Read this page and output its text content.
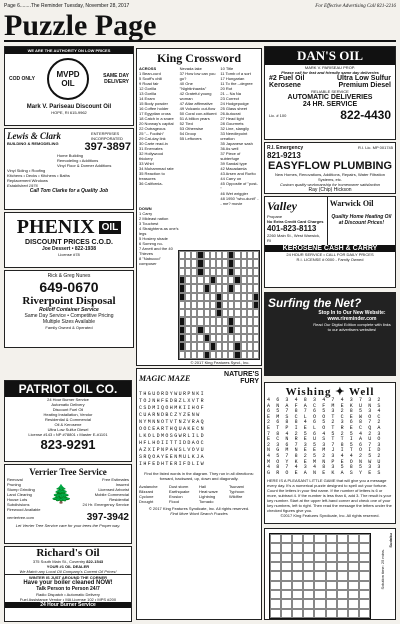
Page 6........The Reminder Tuesday, November 28, 2017	For Effective Advertising Call 821-2216
Puzzle Page
WE ARE THE AUTHORITY ON LOW PRICES
COD ONLY	MVPD OIL
SAME DAY DELIVERY
Mark V. Pariseau Discount Oil
HOPE, RI 615-9962
Lewis & Clark	ENTERPRISES INCORPORATED
BUILDING & REMODELING 397-3897
Home Building
Remodeling • Additions
Vinyl Floor & Dormer Additions
Vinyl Siding • Roofing
Kitchens • Decks • Kitchens • Baths
Replacement Windows
Established 1976
Call Tom Clarke for a Quality Job
PHENIX OIL
DISCOUNT PRICES C.O.D.
Joe Dessert • 822-1938
License #78
Rick & Greg Nunes
649-0670
Riverpoint Disposal
Rolloff Container Service
Same Day Service • Competitive Pricing
Multiple Sizes Available
Family Owned & Operated
PATRIOT OIL CO.
24 Hour Burner Service
Automatic Delivery
Discount Fuel Oil
Heating Installation, Vendor
Residential & Commercial
Oil & Kerosene
Ultra Low Sulfur Diesel
License #143 • NP #78801 • Master E-#1101
823-9291
Verrier Tree Service
Removal
Pruning
Stump Grinding
Land Clearing
House Lots
Subdivisions
Firewood Available
🌲
Free Estimates
Insured
Licensed Arborist
Mobile Commercial
Residential
24 Hr. Emergency Service
verriertree.com	397-3942
Let Verrier Tree Service care for your trees the Proper way.
Richard's Oil
375 South Main St., Coventry 822-1543
YOUR #1 OIL DEALER
We Match any Local Oil Company's Current Oil Prices!
WINTER IS JUST AROUND THE CORNER
Have your boiler cleaned NOW!
Talk Person to Person 24/7
Radio Dispatch • Automatic Delivery
Fuel Assistance Vendor • MA License 102 • MPS #200
24 Hour Burner Service
King Crossword
ACROSS
1 Bean-curd
5 Scoff's chili
9 Road fair
12 Gorilla
13 Gorilla
14 Exam
15 Body powder
16 Coffee holder
17 Egyptian cross
18 Catch in a snare
20 Norway's capital
22 Outrageous
25 "-- Foolish"
29 Cat-day link
30 Carte read-in
31 Enervates
32 Hollywood thickery
33 Whirl
34 Muhammad rate
35 Reaction to treasures
36 California-
Nevada lake
37 How low can you go?
40 One "Nightinhawks"
42 Grateful young woman
47 Altar affirmative
49 Volcanic out-flow
50 Coral con-stituent
51 A billion years
52 Tied
53 Otherwise
54 Droop
55 Leftovers
10 Title
11 Tomb of a sort
17 Hungarian
11 To the --degree
20 Rot
21 -- Na Na
23 Correct
24 Hodgepodge
25 Glass sheet
26 Autocrat
27 Head light
28 Gourmets
32 Line, slangily
33 Needlepoint creation
35 Japanese sash
36 As well
37 Piece of subterfuge
39 Sandal type
42 Macadamia
43 Arsen and Rurito
44 Carry on
45 Opposite of "post-"
46 Wet wriggler
48 1950 "who-dunit" -- me? movie
DOWN
1 Carry
2 Mideast nation
3 Touchest
4 Straightens as one's legs
5 Hosiery shade
6 Sommg no-
7 Arnett and the 40 Thieves
8 "Nabucco" composer
© 2017 King Features Synd., Inc.
MAGIC MAZE	NATURE'S FURY
THGUORDYWURPNKI
TOJNHFEDBZLXVTR
CSDMIQOHMKIIHOF
CUARNDBCZYZENW
NYMNNOTVTNZVRAQ
OOCEARTHQUAKECN
LKOLDMOSGWRLILD
HFLHOIITTIDDAOC
AZXIPNPAWSLVOVU
SRQOAYEENMULKJA
IHFEDHTERIFDLIW
Find the listed words in the diagram. They run in all directions: forward, backward, up, down and diagonally.
Avalanche	Dust storm	Hail	Tsunami
Blizzard	Earthquake	Heat wave	Typhoon
Cyclone	Erosion	Lightning	Wildfire
Drought	Flood	Tornado
© 2017 King Features Syndicate, Inc. All rights reserved.
Find More Word Search Puzzles
DAN'S OIL
MARK V. PARISEAU PROP.
Please call for fast and friendly same day deliveries
#2 Fuel Oil	Ultra Low Sulfur
Kerosene	Premium Diesel
RELIABLE SERVICE
AUTOMATIC DELIVERIES
24 HR. SERVICE
Lic. # 100	822-4430
R.I. Emergency
821-9213
R.I. Lic. MP 001745
EASYFLOW PLUMBING
New Homes, Renovations, Additions, Repairs, Water Filtration Systems, etc.
Custom quality workmanship for homeowner satisfaction
Ray (Chip) Hickson
Valley
Propane
No Extra Credit Card Charges
401-823-8113
2260 Main St., West Warwick, RI
Warwick Oil
Quality Home Heating Oil at Discount Prices!
KEROSENE CASH & CARRY
24 HOUR SERVICE • CALL FOR DAILY PRICES
R.I. LICENSE # 0000 - Family Owned
Surfing the Net?
Stop In to Our New Website:
www.rireminder.com
Read Our Digital Edition complete with links to our advertisers websites!
Wishing ✦ Well
4 6 3 4 8 3 4 7 4 3 7 3 2
A N A F A C F M E K U N S
6 5 7 8 7 6 5 3 2 8 5 3 4
E M S C L O O T C E W O C
2 6 8 8 4 6 5 2 3 6 8 7 2
E T P I E L O T R E C Q A
7 8 4 2 5 6 4 5 2 5 4 2 3
E C N R E U S T T I A U O
2 3 6 7 3 5 3 7 8 5 6 7 3
N G M N E E M J I T O I D
4 5 7 8 2 5 2 3 4 4 2 5 2
M O Y K E M N P E O N W U
4 8 7 4 3 4 8 3 5 8 5 3 3
G R O E A N E K A S Y E S
HERE IS A PLEASANT LITTLE GAME that will give you a message every day. It's a numerical puzzle designed to spell out your fortune. Count the letters in your first name. If the number of letters is 6 or more, subtract 4. If the number is less than 6, add 3. The result is your key number. Start at the upper left-hand corner and check one of your key numbers, left to right. Then read the message the letters under the checked figures give you.
©2017 King Features Syndicate, Inc. All rights reserved.
Sudoku
Solution time: 25 mins.
